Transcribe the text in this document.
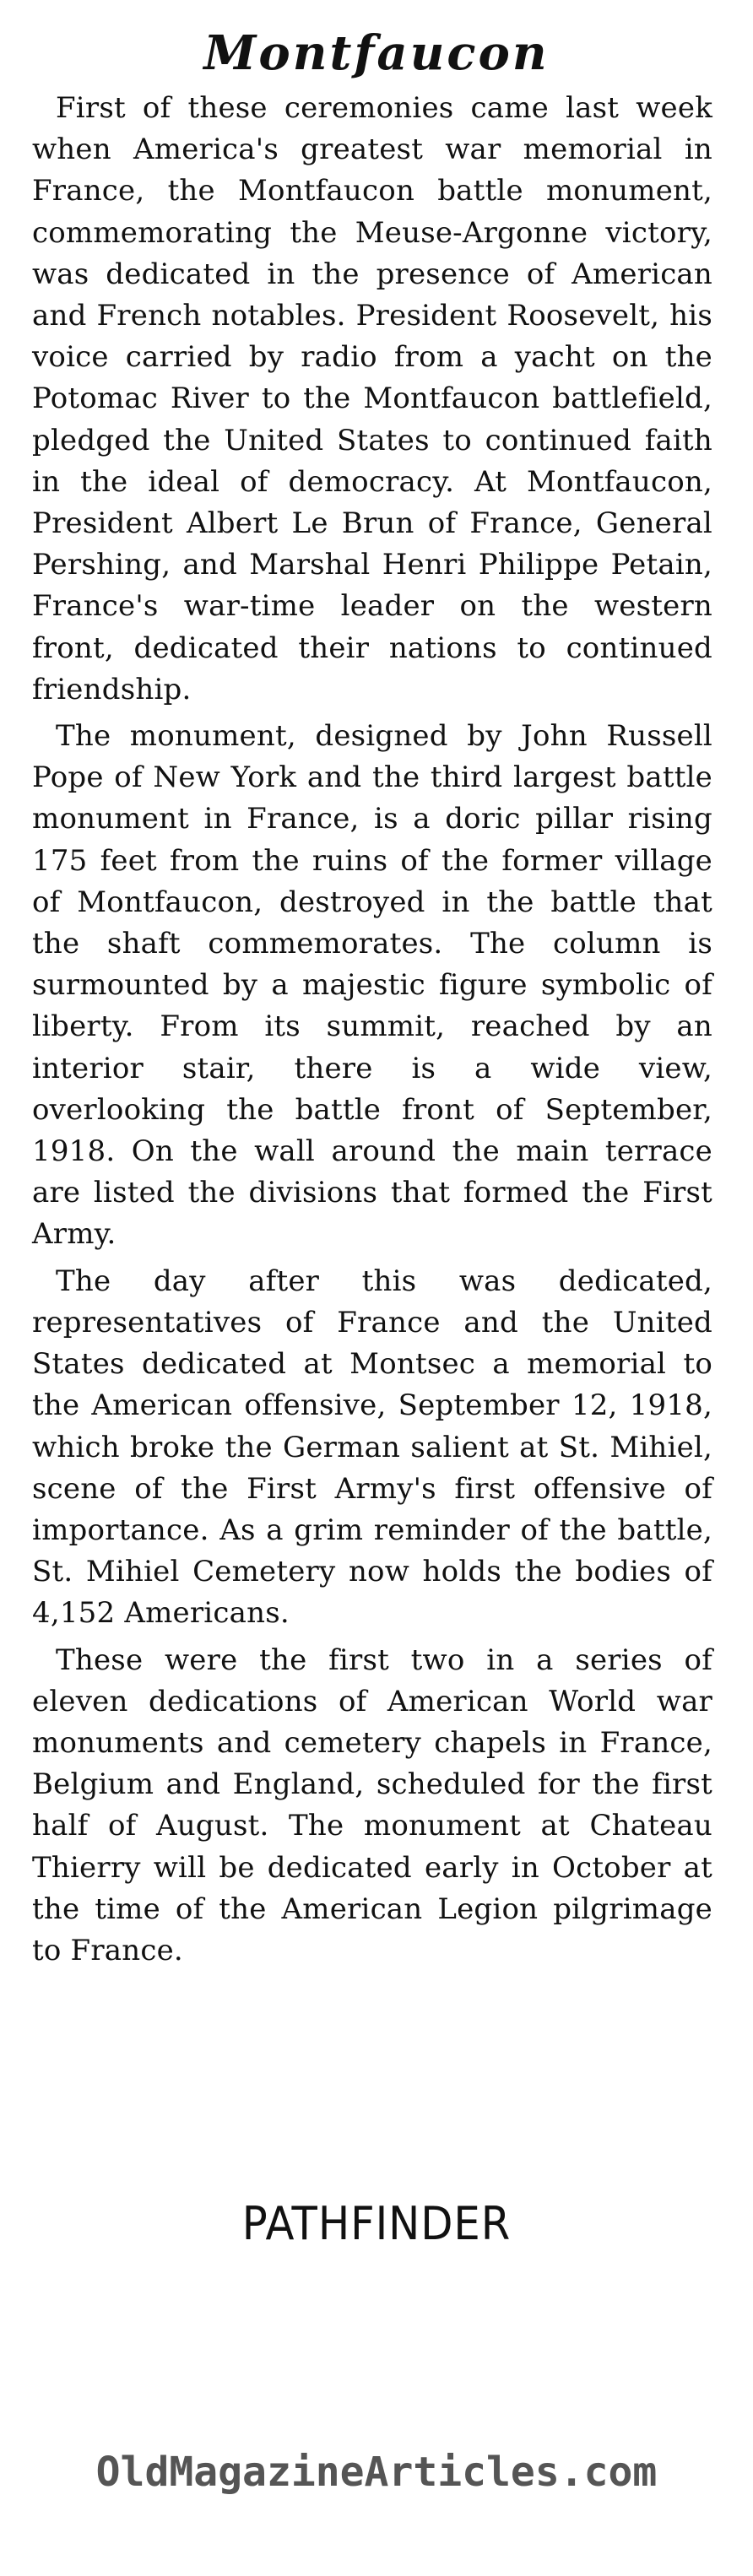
Montfaucon

First of these ceremonies came last week when America's greatest war memorial in France, the Montfaucon battle monument, commemorating the Meuse-Argonne victory, was dedicated in the presence of American and French notables. President Roosevelt, his voice carried by radio from a yacht on the Potomac River to the Montfaucon battlefield, pledged the United States to continued faith in the ideal of democracy. At Montfaucon, President Albert Le Brun of France, General Pershing, and Marshal Henri Philippe Petain, France's war-time leader on the western front, dedicated their nations to continued friendship.

The monument, designed by John Russell Pope of New York and the third largest battle monument in France, is a doric pillar rising 175 feet from the ruins of the former village of Montfaucon, destroyed in the battle that the shaft commemorates. The column is surmounted by a majestic figure symbolic of liberty. From its summit, reached by an interior stair, there is a wide view, overlooking the battle front of September, 1918. On the wall around the main terrace are listed the divisions that formed the First Army.

The day after this was dedicated, representatives of France and the United States dedicated at Montsec a memorial to the American offensive, September 12, 1918, which broke the German salient at St. Mihiel, scene of the First Army's first offensive of importance. As a grim reminder of the battle, St. Mihiel Cemetery now holds the bodies of 4,152 Americans.

These were the first two in a series of eleven dedications of American World war monuments and cemetery chapels in France, Belgium and England, scheduled for the first half of August. The monument at Chateau Thierry will be dedicated early in October at the time of the American Legion pilgrimage to France.

PATHFINDER
OldMagazineArticles.com
